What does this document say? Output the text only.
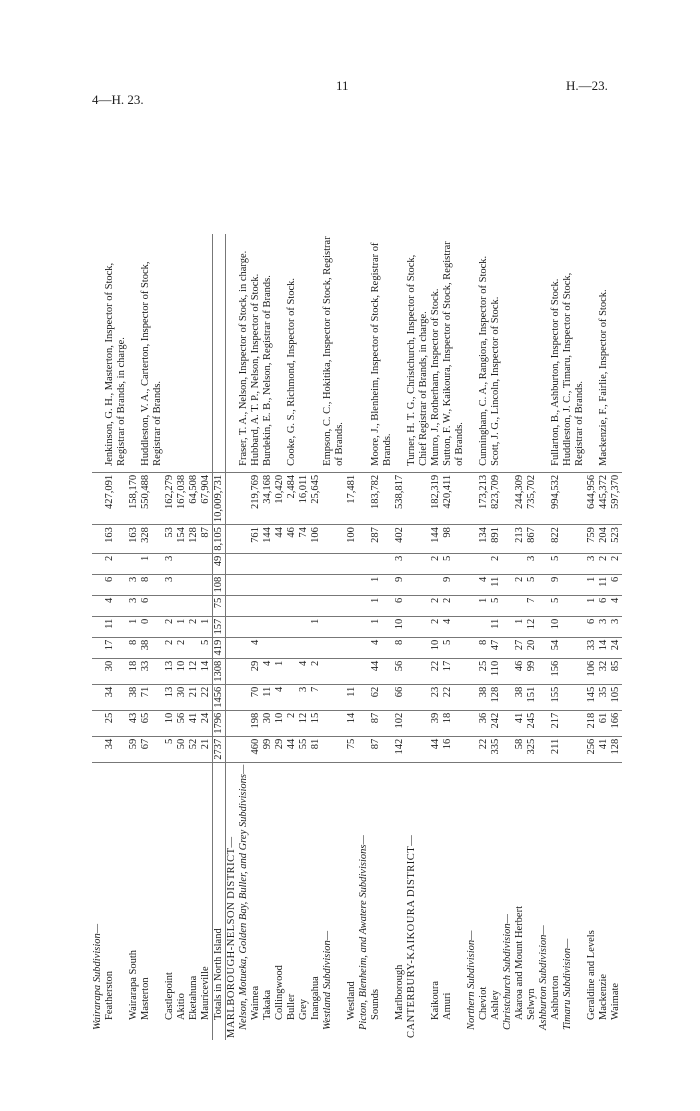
11	H.—23.
4—H. 23.
Wairarapa Subdivision—												
Featherston	34	25	34	30	17	11	4	6	2	163	427,091	Jenkinson, G. H., Masterton, Inspector of Stock, Registrar of Brands, in charge.
Wairarapa South	59	43	38	18	8	1	3	3		163	158,170	
Masterton	67	65	71	33	38	0	6	8	1	328	550,488	Huddleston, V. A., Carterton, Inspector of Stock, Registrar of Brands.
Castlepoint	5	10	13	13	2	2		3	3	53	162,279	
Akitio	50	56	30	10	2	1				154	167,038	
Eketahuna	52	41	21	12		2				128	64,508	
Mauriceville	21	24	22	14	5	1				87	67,904	
Totals in North Island	2737	1796	1456	1308	419	157	75	108	49	8,105	10,009,731	
MARLBOROUGH-NELSON DISTRICT—												
Nelson, Motueka, Golden Bay, Buller, and Grey Subdivisions—												Fraser, T. A., Nelson, Inspector of Stock, in charge.
Waimea	460	198	70	29	4					761	219,769	Hubbard, A. T. P., Nelson, Inspector of Stock.
Takaka	99	30	11	4						144	34,168	Burdekin, E. B., Nelson, Registrar of Brands.
Collingwood	29	10	4	1						44	10,420	
Buller	44	2								46	2,484	Cooke, G. S., Richmond, Inspector of Stock.
Grey	55	12	3	4						74	16,011	
Inangahua	81	15	7	2		1				106	25,645	
Westland Subdivision—												Empson, C. C., Hokitika, Inspector of Stock, Registrar of Brands.
Westland	75	14	11							100	17,481	
Picton, Blenheim, and Awatere Subdivisions—												
Sounds	87	87	62	44	4	1	1	1		287	183,782	Moore, J., Blenheim, Inspector of Stock, Registrar of Brands.
Marlborough	142	102	66	56	8	10	6	9	3	402	538,817	
CANTERBURY-KAIKOURA DISTRICT—												Turner, H. T. G., Christchurch, Inspector of Stock, Chief Registrar of Brands, in charge.
Kaikoura	44	39	23	22	10	2	2		2	144	182,319	Munro, J., Rotherham, Inspector of Stock.
Amuri	16	18	22	17	5	4	2	9	5	98	420,411	Sutton, F. W., Kaikoura, Inspector of Stock, Registrar of Brands.
Northern Subdivision—												
Cheviot	22	36	38	25	8		1	4		134	173,213	Cunningham, C. A., Rangiora, Inspector of Stock.
Ashley	335	242	128	110	47	11	5	11	2	891	823,709	Scott, J. G., Lincoln, Inspector of Stock.
Christchurch Subdivision—												
Akaroa and Mount Herbert	58	41	38	46	27	1		2		213	244,309	
Selwyn	325	245	151	99	20	12	7	5	3	867	735,702	
Ashburton Subdivision—												
Ashburton	211	217	155	156	54	10	5	9	5	822	994,532	Fullarton, B., Ashburton, Inspector of Stock.
Timaru Subdivision—												Huddleston, J. C., Timaru, Inspector of Stock, Registrar of Brands.
Geraldine and Levels	256	218	145	106	33	6	1	1	3	759	644,956	
Mackenzie	41	61	35	32	14	3	6	11	2	204	445,372	Mackenzie, F., Fairlie, Inspector of Stock.
Waimate	128	166	105	85	24	3	4	6	2	523	597,370	
